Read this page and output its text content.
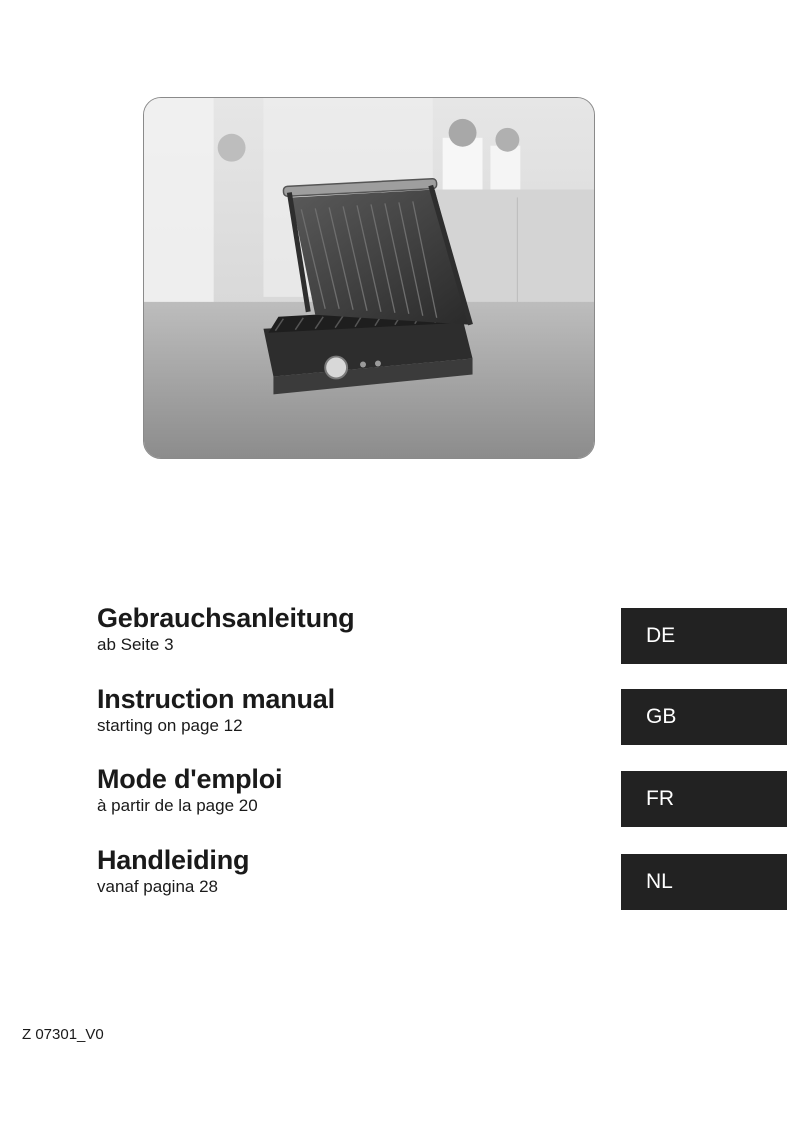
Gebrauchsanleitung
ab Seite 3
Instruction manual
starting on page 12
Mode d'emploi
à partir de la page 20
Handleiding
vanaf pagina 28
DE
GB
FR
NL
Z 07301_V0
